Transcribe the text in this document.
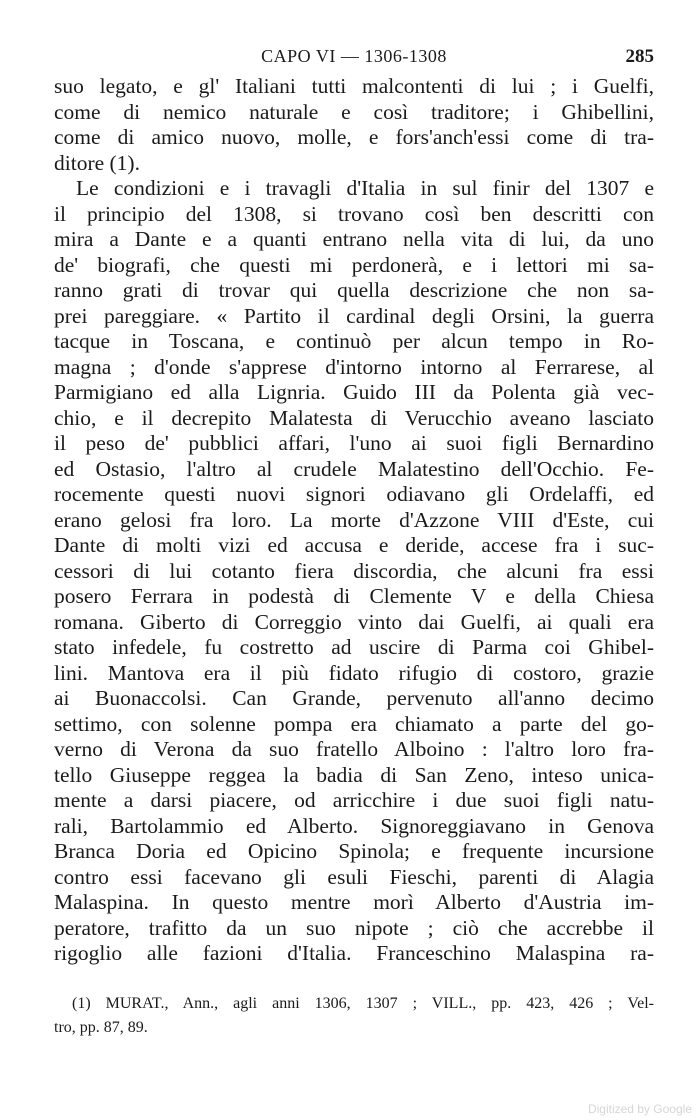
CAPO VI — 1306-1308	285
suo legato, e gl' Italiani tutti malcontenti di lui ; i Guelfi,
come di nemico naturale e così traditore; i Ghibellini,
come di amico nuovo, molle, e fors'anch'essi come di tra-
ditore (1).
Le condizioni e i travagli d'Italia in sul finir del 1307 e
il principio del 1308, si trovano così ben descritti con
mira a Dante e a quanti entrano nella vita di lui, da uno
de' biografi, che questi mi perdonerà, e i lettori mi sa-
ranno grati di trovar qui quella descrizione che non sa-
prei pareggiare. « Partito il cardinal degli Orsini, la guerra
tacque in Toscana, e continuò per alcun tempo in Ro-
magna ; d'onde s'apprese d'intorno intorno al Ferrarese, al
Parmigiano ed alla Lignria. Guido III da Polenta già vec-
chio, e il decrepito Malatesta di Verucchio aveano lasciato
il peso de' pubblici affari, l'uno ai suoi figli Bernardino
ed Ostasio, l'altro al crudele Malatestino dell'Occhio. Fe-
rocemente questi nuovi signori odiavano gli Ordelaffi, ed
erano gelosi fra loro. La morte d'Azzone VIII d'Este, cui
Dante di molti vizi ed accusa e deride, accese fra i suc-
cessori di lui cotanto fiera discordia, che alcuni fra essi
posero Ferrara in podestà di Clemente V e della Chiesa
romana. Giberto di Correggio vinto dai Guelfi, ai quali era
stato infedele, fu costretto ad uscire di Parma coi Ghibel-
lini. Mantova era il più fidato rifugio di costoro, grazie
ai Buonaccolsi. Can Grande, pervenuto all'anno decimo
settimo, con solenne pompa era chiamato a parte del go-
verno di Verona da suo fratello Alboino : l'altro loro fra-
tello Giuseppe reggea la badia di San Zeno, inteso unica-
mente a darsi piacere, od arricchire i due suoi figli natu-
rali, Bartolammio ed Alberto. Signoreggiavano in Genova
Branca Doria ed Opicino Spinola; e frequente incursione
contro essi facevano gli esuli Fieschi, parenti di Alagia
Malaspina. In questo mentre morì Alberto d'Austria im-
peratore, trafitto da un suo nipote ; ciò che accrebbe il
rigoglio alle fazioni d'Italia. Franceschino Malaspina ra-
(1) MURAT., Ann., agli anni 1306, 1307 ; VILL., pp. 423, 426 ; Vel-
tro, pp. 87, 89.
Digitized by Google
